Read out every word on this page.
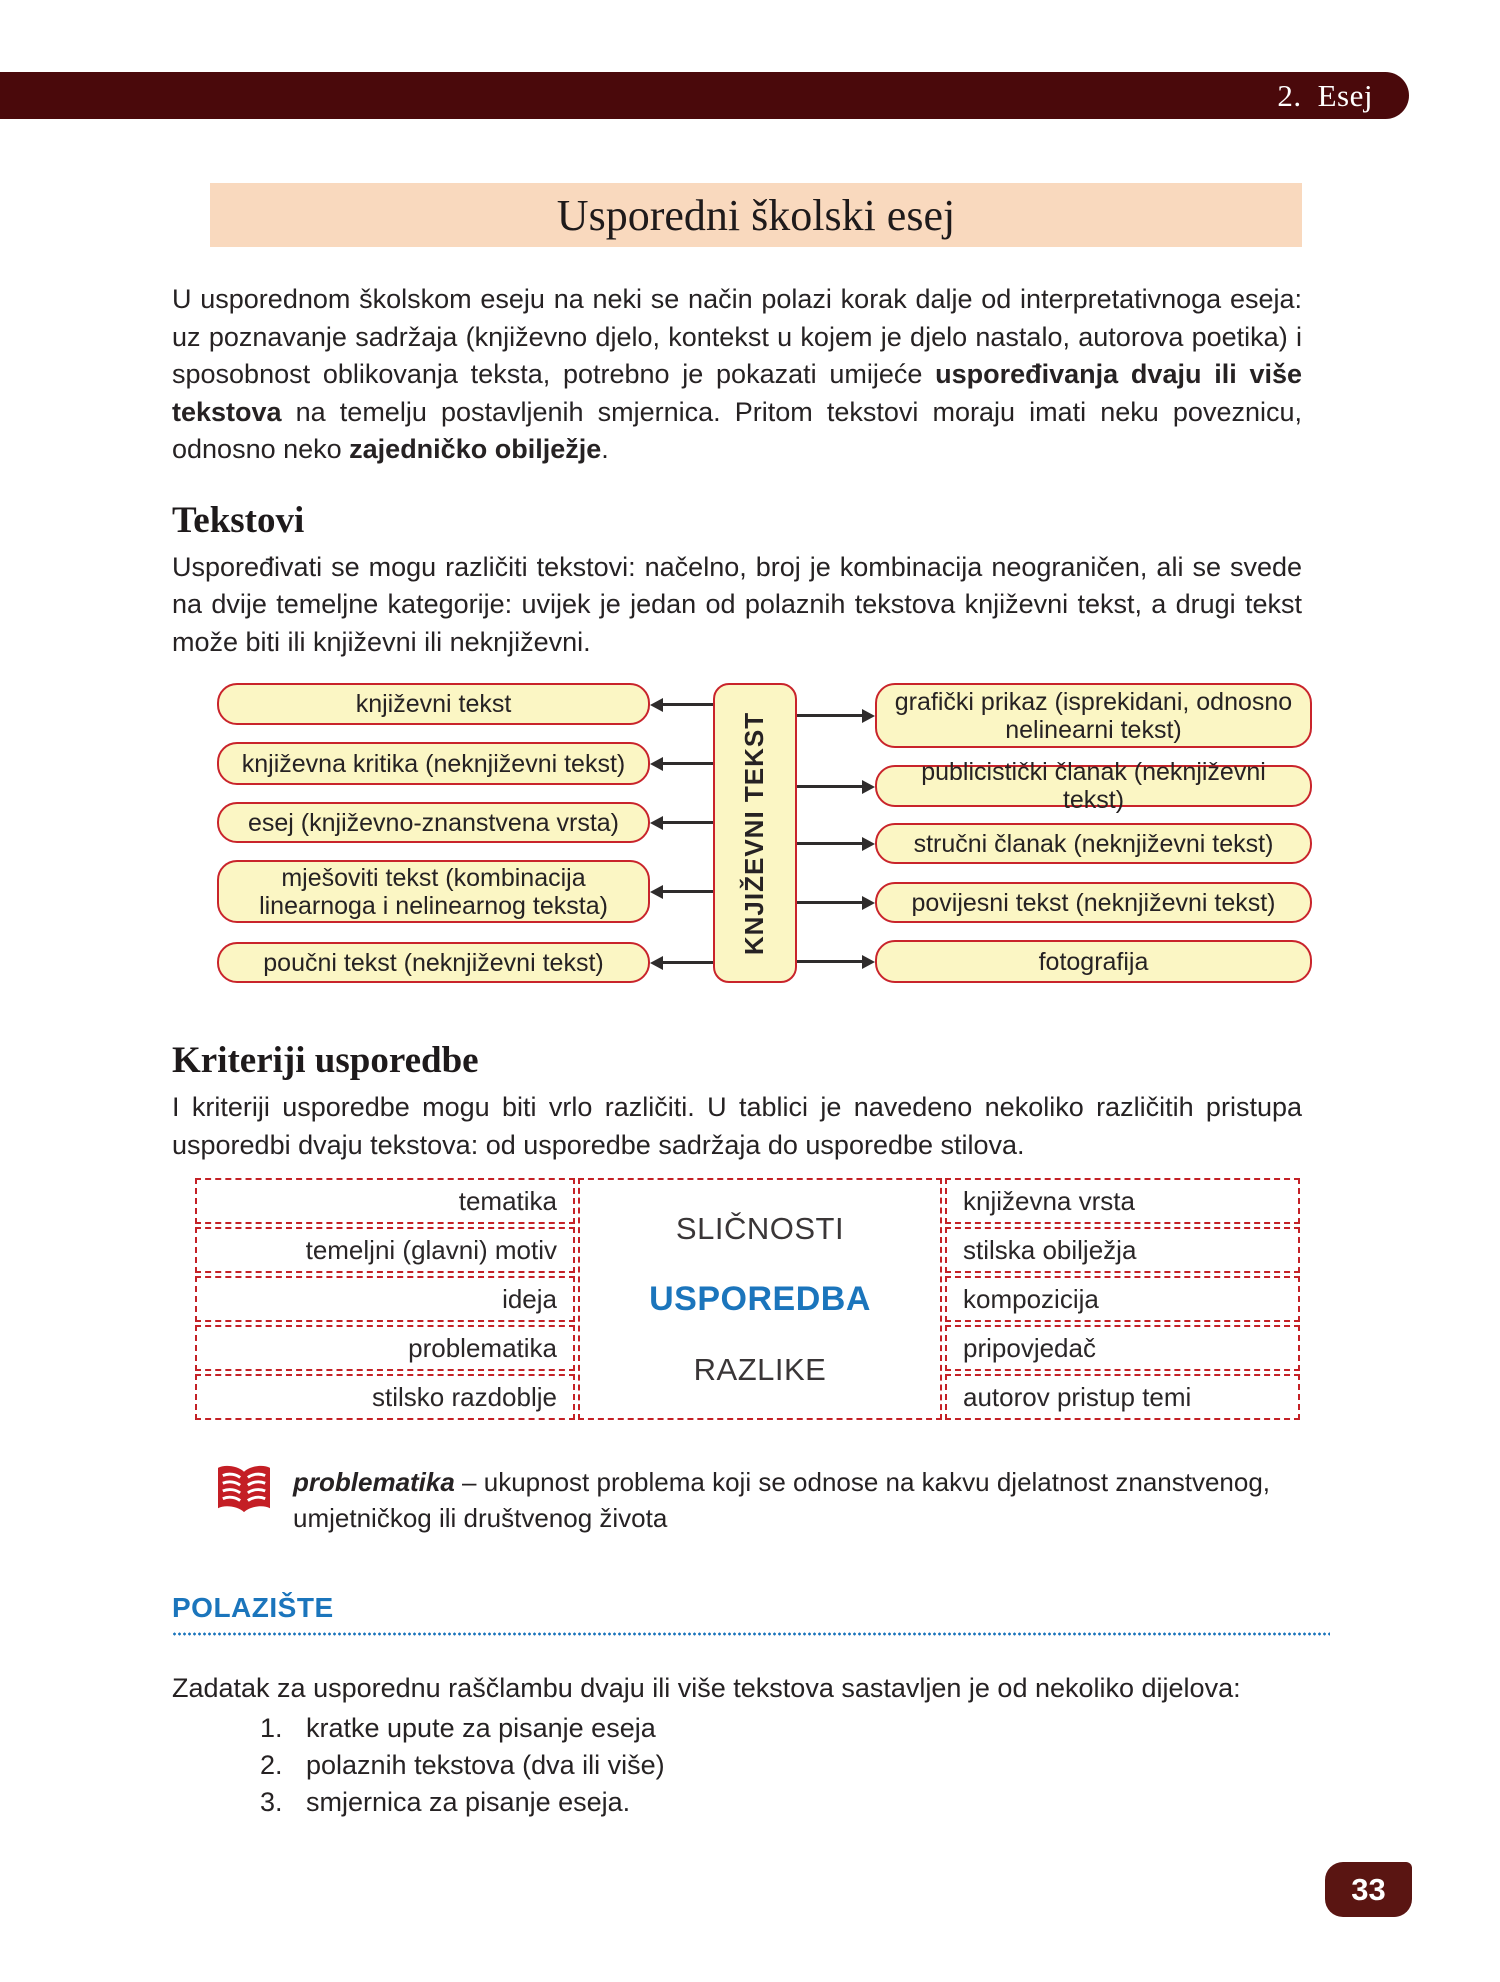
2. Esej
Usporedni školski esej

U usporednom školskom eseju na neki se način polazi korak dalje od interpretativnoga eseja: uz poznavanje sadržaja (književno djelo, kontekst u kojem je djelo nastalo, autorova poetika) i sposobnost oblikovanja teksta, potrebno je pokazati umijeće uspoređivanja dvaju ili više tekstova na temelju postavljenih smjernica. Pritom tekstovi moraju imati neku poveznicu, odnosno neko zajedničko obilježje.

Tekstovi

Uspoređivati se mogu različiti tekstovi: načelno, broj je kombinacija neograničen, ali se svede na dvije temeljne kategorije: uvijek je jedan od polaznih tekstova književni tekst, a drugi tekst može biti ili književni ili neknjiževni.

književni tekst
književna kritika (neknjiževni tekst)
esej (književno-znanstvena vrsta)
mješoviti tekst (kombinacija linearnoga i nelinearnog teksta)
poučni tekst (neknjiževni tekst)
KNJIŽEVNI TEKST
grafički prikaz (isprekidani, odnosno nelinearni tekst)
publicistički članak (neknjiževni tekst)
stručni članak (neknjiževni tekst)
povijesni tekst (neknjiževni tekst)
fotografija
Kriteriji usporedbe

I kriteriji usporedbe mogu biti vrlo različiti. U tablici je navedeno nekoliko različitih pristupa usporedbi dvaju tekstova: od usporedbe sadržaja do usporedbe stilova.

tematika
temeljni (glavni) motiv
ideja
problematika
stilsko razdoblje
SLIČNOSTI
USPOREDBA
RAZLIKE
književna vrsta
stilska obilježja
kompozicija
pripovjedač
autorov pristup temi

problematika – ukupnost problema koji se odnose na kakvu djelatnost znanstvenog, umjetničkog ili društvenog života

POLAZIŠTE

Zadatak za usporednu raščlambu dvaju ili više tekstova sastavljen je od nekoliko dijelova:

1. kratke upute za pisanje eseja
2. polaznih tekstova (dva ili više)
3. smjernica za pisanje eseja.
33
